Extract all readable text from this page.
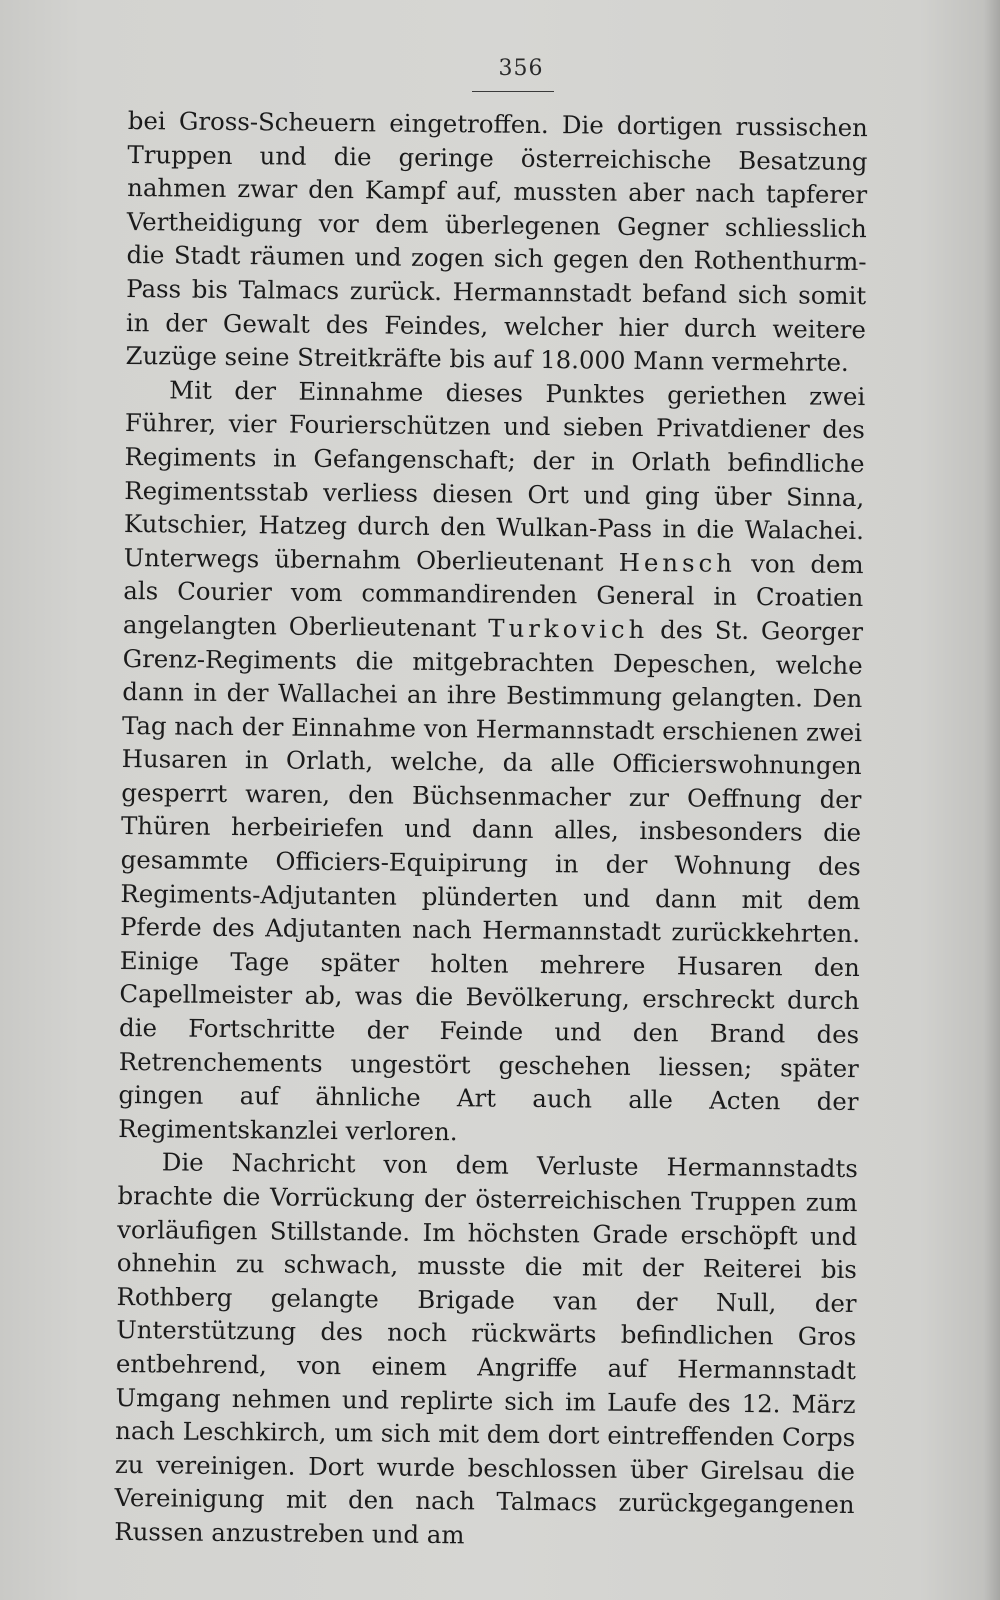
356

bei Gross-Scheuern eingetroffen. Die dortigen russischen Truppen und die geringe österreichische Besatzung nahmen zwar den Kampf auf, mussten aber nach tapferer Vertheidigung vor dem überlegenen Gegner schliesslich die Stadt räumen und zogen sich gegen den Rothenthurm-Pass bis Talmacs zurück. Hermannstadt befand sich somit in der Gewalt des Feindes, welcher hier durch weitere Zuzüge seine Streitkräfte bis auf 18.000 Mann vermehrte.

Mit der Einnahme dieses Punktes geriethen zwei Führer, vier Fourierschützen und sieben Privatdiener des Regiments in Gefangenschaft; der in Orlath befindliche Regimentsstab verliess diesen Ort und ging über Sinna, Kutschier, Hatzeg durch den Wulkan-Pass in die Walachei. Unterwegs übernahm Oberlieutenant Hensch von dem als Courier vom commandirenden General in Croatien angelangten Oberlieutenant Turkovich des St. Georger Grenz-Regiments die mitgebrachten Depeschen, welche dann in der Wallachei an ihre Bestimmung gelangten. Den Tag nach der Einnahme von Hermannstadt erschienen zwei Husaren in Orlath, welche, da alle Officierswohnungen gesperrt waren, den Büchsenmacher zur Oeffnung der Thüren herbeiriefen und dann alles, insbesonders die gesammte Officiers-Equipirung in der Wohnung des Regiments-Adjutanten plünderten und dann mit dem Pferde des Adjutanten nach Hermannstadt zurückkehrten. Einige Tage später holten mehrere Husaren den Capellmeister ab, was die Bevölkerung, erschreckt durch die Fortschritte der Feinde und den Brand des Retrenchements ungestört geschehen liessen; später gingen auf ähnliche Art auch alle Acten der Regimentskanzlei verloren.

Die Nachricht von dem Verluste Hermannstadts brachte die Vorrückung der österreichischen Truppen zum vorläufigen Stillstande. Im höchsten Grade erschöpft und ohnehin zu schwach, musste die mit der Reiterei bis Rothberg gelangte Brigade van der Null, der Unterstützung des noch rückwärts befindlichen Gros entbehrend, von einem Angriffe auf Hermannstadt Umgang nehmen und replirte sich im Laufe des 12. März nach Leschkirch, um sich mit dem dort eintreffenden Corps zu vereinigen. Dort wurde beschlossen über Girelsau die Vereinigung mit den nach Talmacs zurückgegangenen Russen anzustreben und am
